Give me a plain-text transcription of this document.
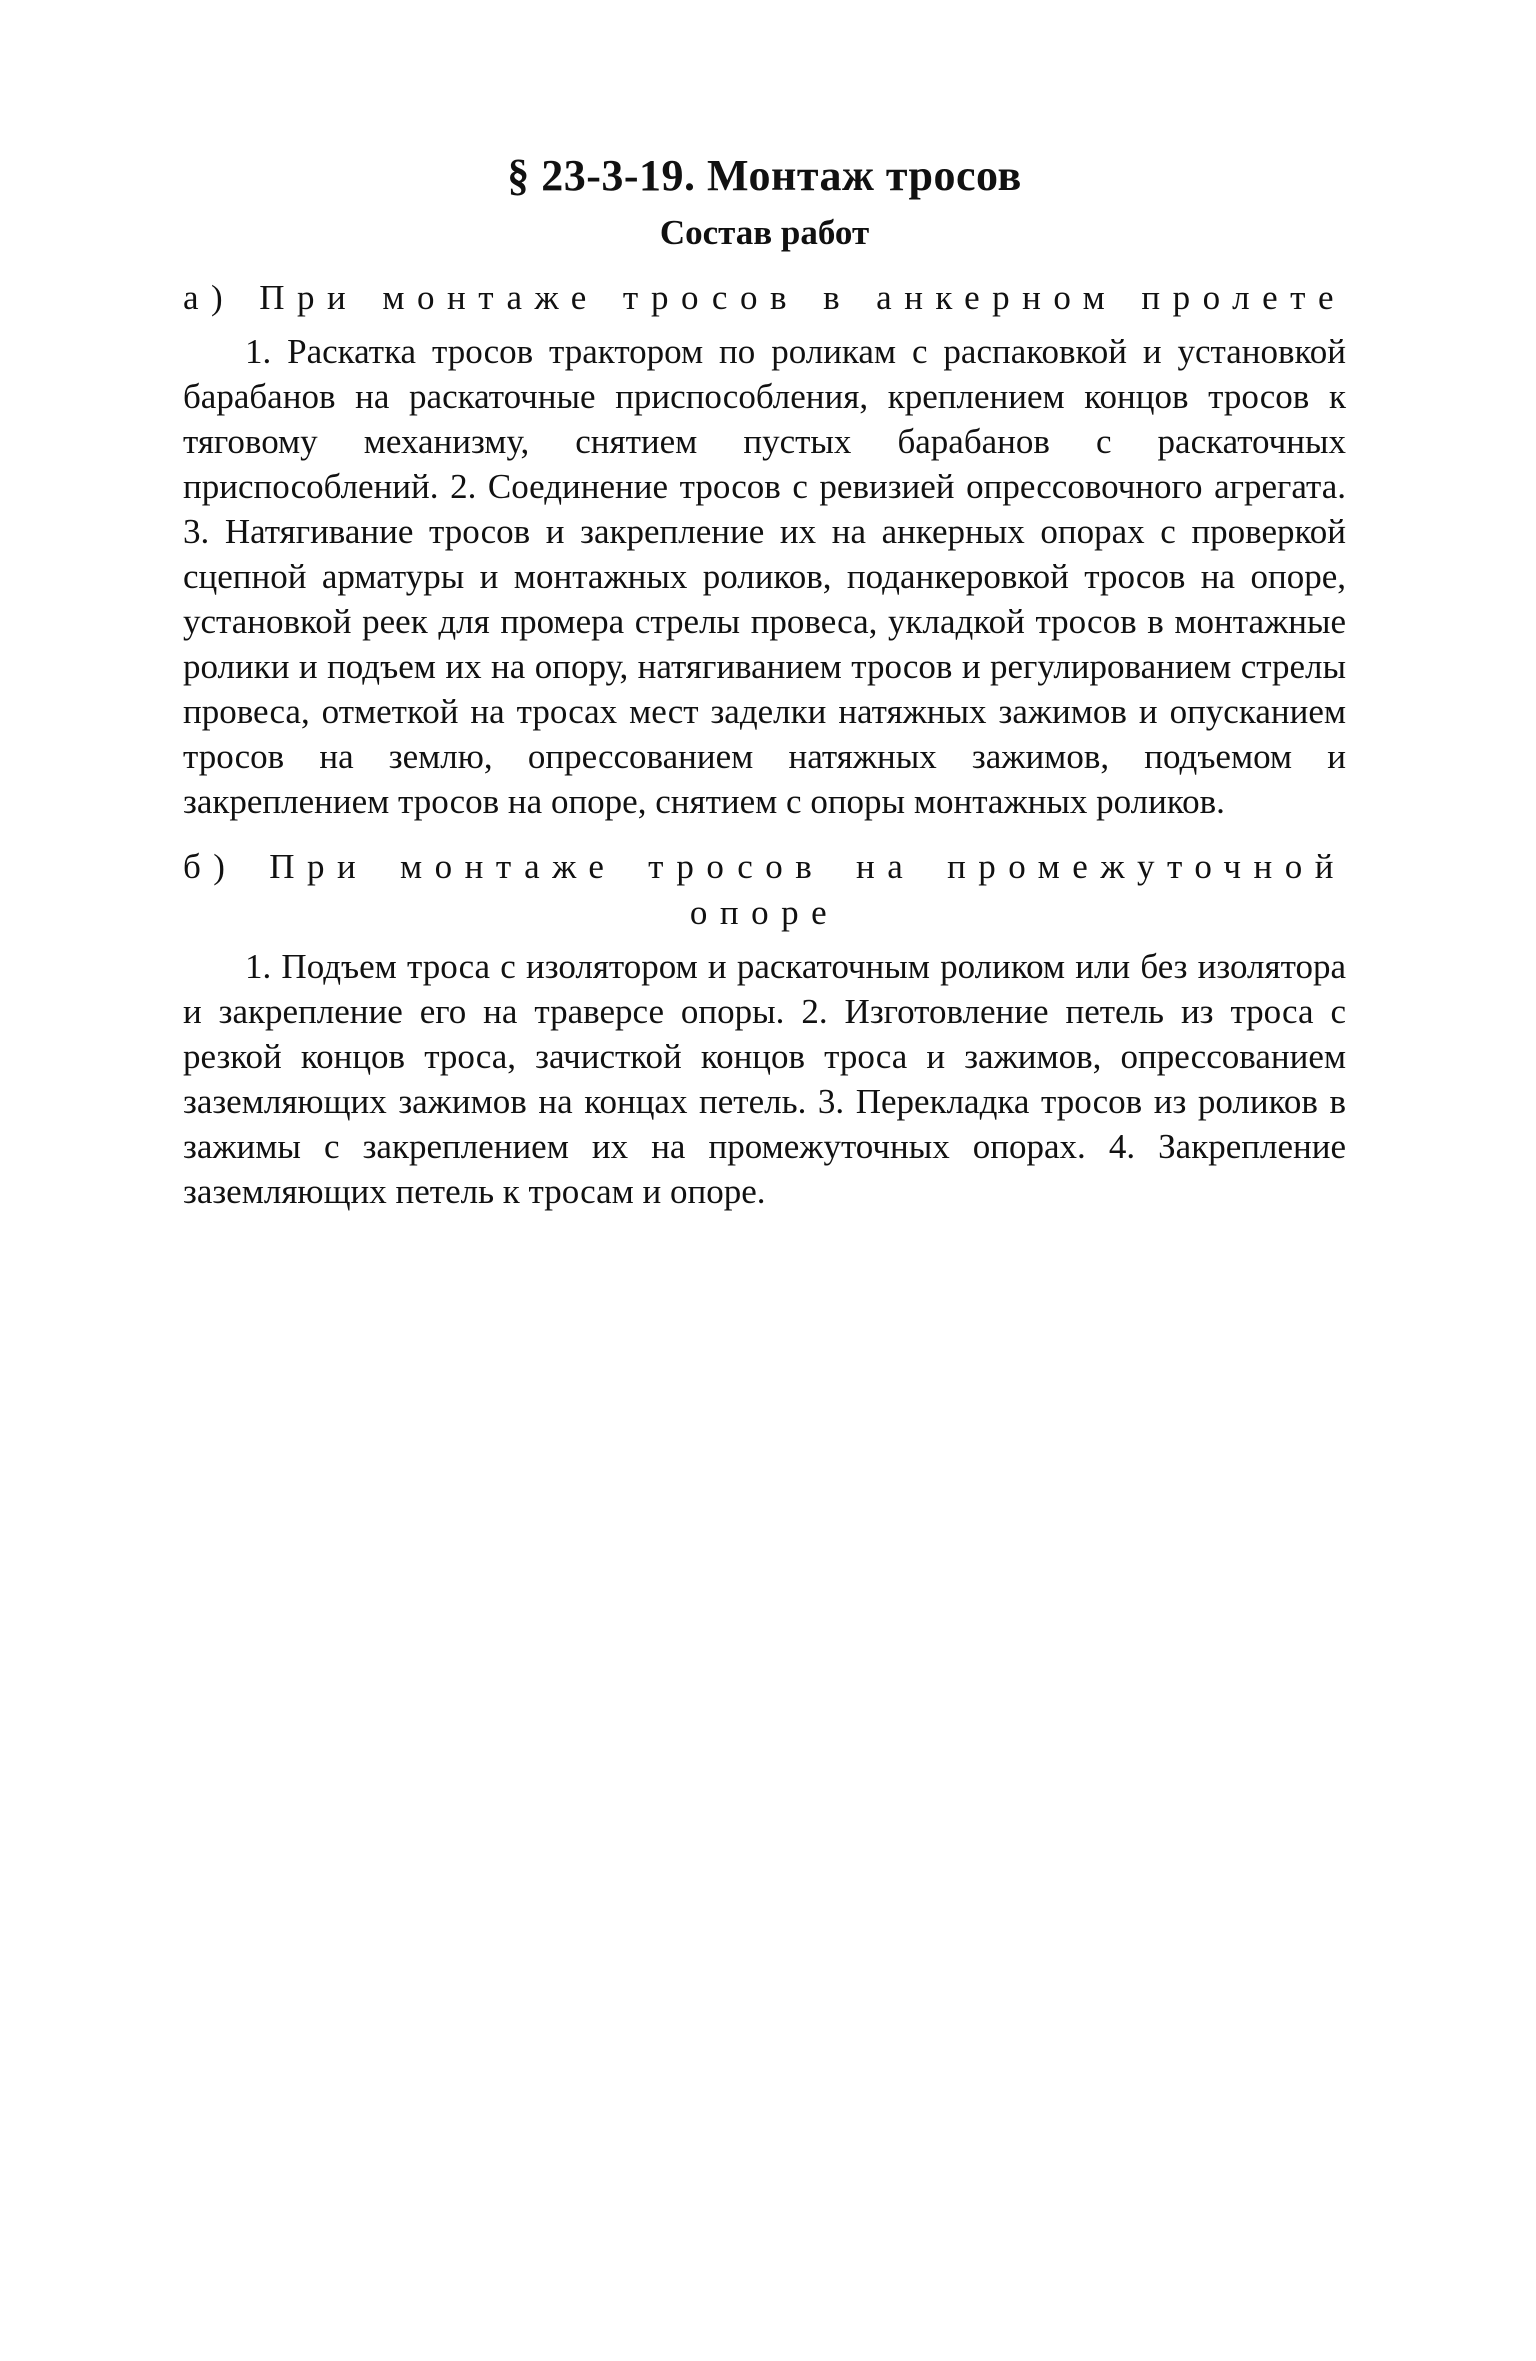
§ 23-3-19. Монтаж тросов
Состав работ
а) При монтаже тросов в анкерном пролете

1. Раскатка тросов трактором по роликам с распаковкой и установкой барабанов на раскаточные приспособления, креплением концов тросов к тяговому механизму, снятием пустых барабанов с раскаточных приспособлений. 2. Соединение тросов с ревизией опрессовочного агрегата. 3. Натягивание тросов и закрепление их на анкерных опорах с проверкой сцепной арматуры и монтажных роликов, поданкеровкой тросов на опоре, установкой реек для промера стрелы провеса, укладкой тросов в монтажные ролики и подъем их на опору, натягиванием тросов и регулированием стрелы провеса, отметкой на тросах мест заделки натяжных зажимов и опусканием тросов на землю, опрессованием натяжных зажимов, подъемом и закреплением тросов на опоре, снятием с опоры монтажных роликов.

б) При монтаже тросов на промежуточной опоре

1. Подъем троса с изолятором и раскаточным роликом или без изолятора и закрепление его на траверсе опоры. 2. Изготовление петель из троса с резкой концов троса, зачисткой концов троса и зажимов, опрессованием заземляющих зажимов на концах петель. 3. Перекладка тросов из роликов в зажимы с закреплением их на промежуточных опорах. 4. Закрепление заземляющих петель к тросам и опоре.
